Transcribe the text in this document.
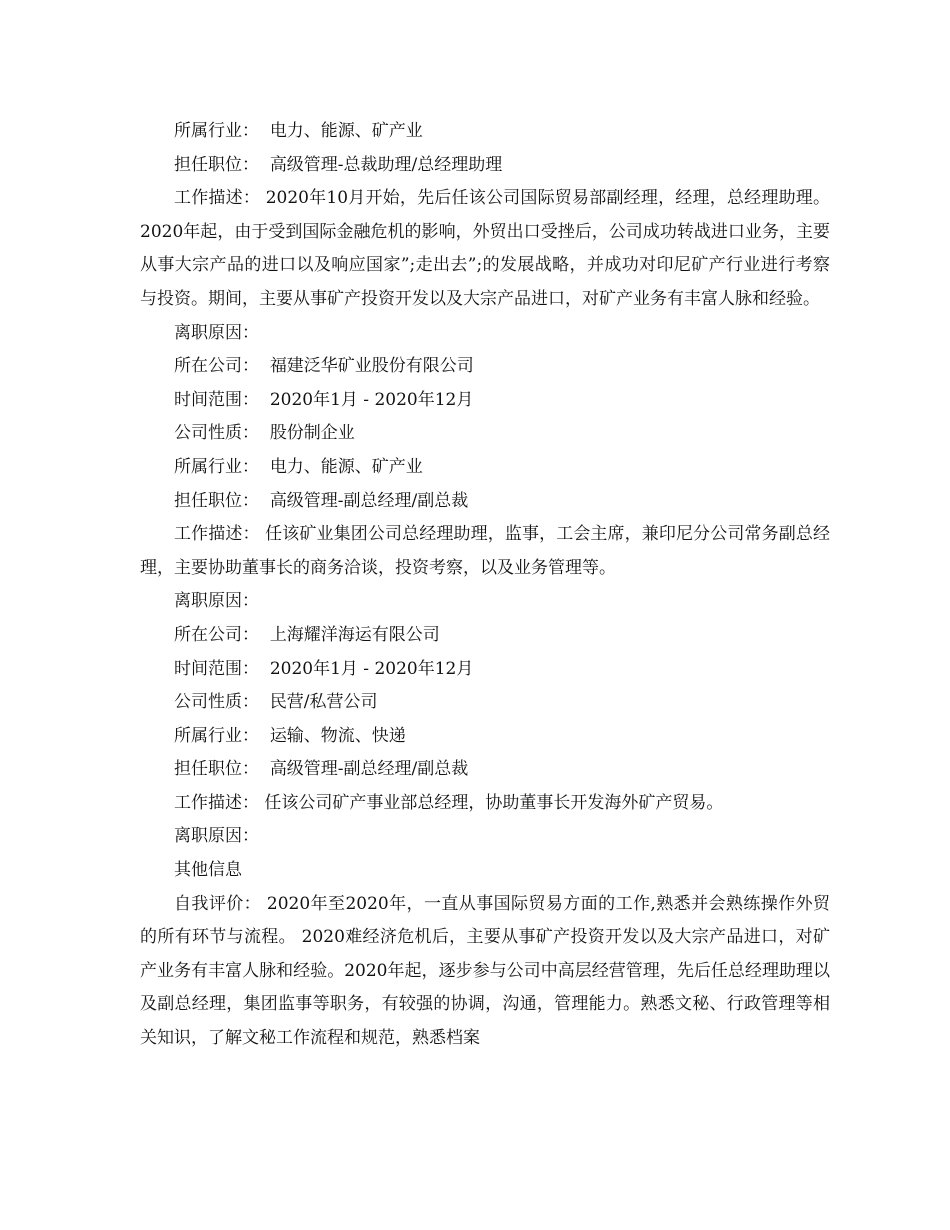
所属行业： 电力、能源、矿产业

担任职位： 高级管理-总裁助理/总经理助理

工作描述： 2020年10月开始，先后任该公司国际贸易部副经理，经理，总经理助理。 2020年起，由于受到国际金融危机的影响，外贸出口受挫后，公司成功转战进口业务，主要从事大宗产品的进口以及响应国家”;走出去”;的发展战略，并成功对印尼矿产行业进行考察与投资。期间，主要从事矿产投资开发以及大宗产品进口，对矿产业务有丰富人脉和经验。

离职原因：

所在公司： 福建泛华矿业股份有限公司

时间范围： 2020年1月 - 2020年12月

公司性质： 股份制企业

所属行业： 电力、能源、矿产业

担任职位： 高级管理-副总经理/副总裁

工作描述： 任该矿业集团公司总经理助理，监事，工会主席，兼印尼分公司常务副总经理，主要协助董事长的商务洽谈，投资考察，以及业务管理等。

离职原因：

所在公司： 上海耀洋海运有限公司

时间范围： 2020年1月 - 2020年12月

公司性质： 民营/私营公司

所属行业： 运输、物流、快递

担任职位： 高级管理-副总经理/副总裁

工作描述： 任该公司矿产事业部总经理，协助董事长开发海外矿产贸易。

离职原因：

其他信息

自我评价： 2020年至2020年，一直从事国际贸易方面的工作,熟悉并会熟练操作外贸的所有环节与流程。 2020难经济危机后，主要从事矿产投资开发以及大宗产品进口，对矿产业务有丰富人脉和经验。2020年起，逐步参与公司中高层经营管理，先后任总经理助理以及副总经理，集团监事等职务，有较强的协调，沟通，管理能力。熟悉文秘、行政管理等相关知识，了解文秘工作流程和规范，熟悉档案
